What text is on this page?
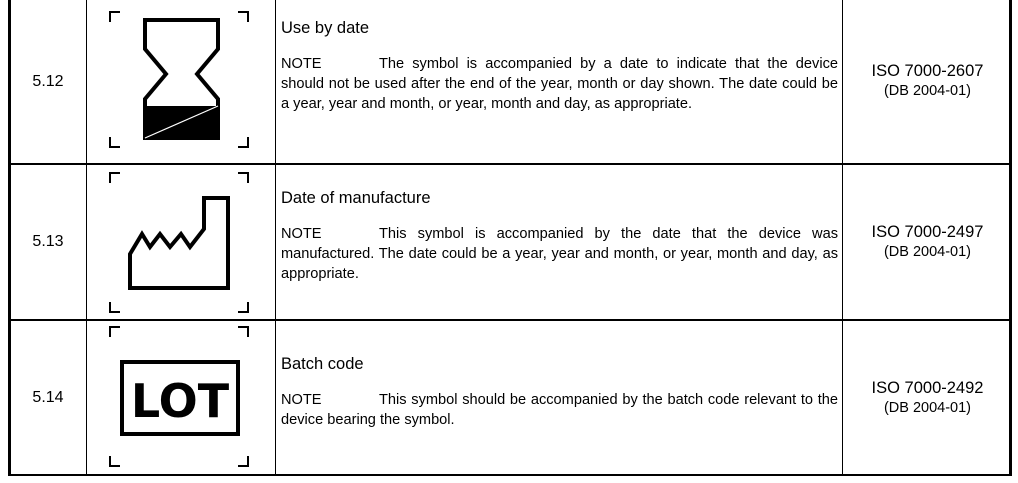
5.12
Use by date
NOTE	The symbol is accompanied by a date to indicate that the device should not be used after the end of the year, month or day shown. The date could be a year, year and month, or year, month and day, as appropriate.
ISO 7000-2607
(DB 2004-01)
5.13
Date of manufacture
NOTE	This symbol is accompanied by the date that the device was manufactured. The date could be a year, year and month, or year, month and day, as appropriate.
ISO 7000-2497
(DB 2004-01)
5.14	LOT
Batch code
NOTE	This symbol should be accompanied by the batch code relevant to the device bearing the symbol.
ISO 7000-2492
(DB 2004-01)
